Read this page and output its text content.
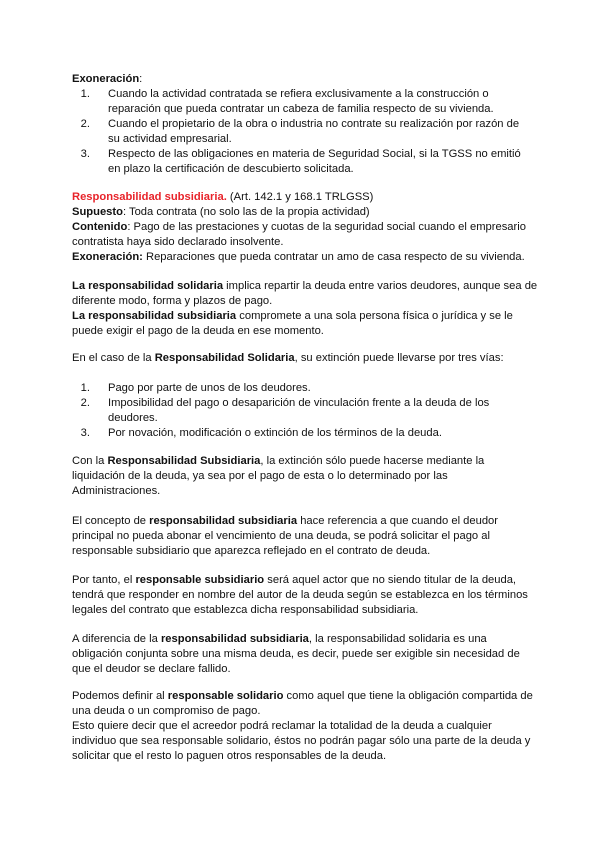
Exoneración:

1. Cuando la actividad contratada se refiera exclusivamente a la construcción o reparación que pueda contratar un cabeza de familia respecto de su vivienda.
2. Cuando el propietario de la obra o industria no contrate su realización por razón de su actividad empresarial.
3. Respecto de las obligaciones en materia de Seguridad Social, si la TGSS no emitió en plazo la certificación de descubierto solicitada.

Responsabilidad subsidiaria. (Art. 142.1 y 168.1 TRLGSS)

Supuesto: Toda contrata (no solo las de la propia actividad)

Contenido: Pago de las prestaciones y cuotas de la seguridad social cuando el empresario contratista haya sido declarado insolvente.

Exoneración: Reparaciones que pueda contratar un amo de casa respecto de su vivienda.

La responsabilidad solidaria implica repartir la deuda entre varios deudores, aunque sea de diferente modo, forma y plazos de pago.

La responsabilidad subsidiaria compromete a una sola persona física o jurídica y se le puede exigir el pago de la deuda en ese momento.

En el caso de la Responsabilidad Solidaria, su extinción puede llevarse por tres vías:

1. Pago por parte de unos de los deudores.
2. Imposibilidad del pago o desaparición de vinculación frente a la deuda de los deudores.
3. Por novación, modificación o extinción de los términos de la deuda.

Con la Responsabilidad Subsidiaria, la extinción sólo puede hacerse mediante la liquidación de la deuda, ya sea por el pago de esta o lo determinado por las Administraciones.

El concepto de responsabilidad subsidiaria hace referencia a que cuando el deudor principal no pueda abonar el vencimiento de una deuda, se podrá solicitar el pago al responsable subsidiario que aparezca reflejado en el contrato de deuda.

Por tanto, el responsable subsidiario será aquel actor que no siendo titular de la deuda, tendrá que responder en nombre del autor de la deuda según se establezca en los términos legales del contrato que establezca dicha responsabilidad subsidiaria.

A diferencia de la responsabilidad subsidiaria, la responsabilidad solidaria es una obligación conjunta sobre una misma deuda, es decir, puede ser exigible sin necesidad de que el deudor se declare fallido.

Podemos definir al responsable solidario como aquel que tiene la obligación compartida de una deuda o un compromiso de pago.

Esto quiere decir que el acreedor podrá reclamar la totalidad de la deuda a cualquier individuo que sea responsable solidario, éstos no podrán pagar sólo una parte de la deuda y solicitar que el resto lo paguen otros responsables de la deuda.
